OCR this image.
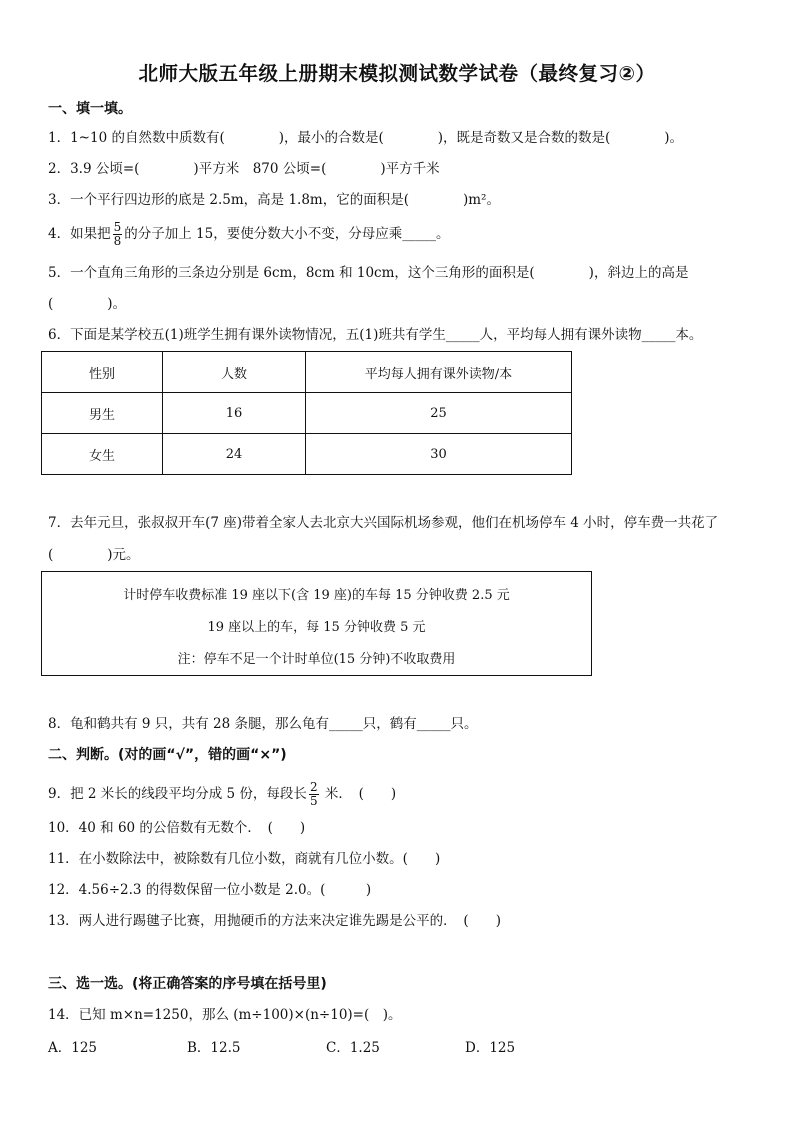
北师大版五年级上册期末模拟测试数学试卷（最终复习②）
一、填一填。
1．1~10 的自然数中质数有(　　　　)，最小的合数是(　　　　)，既是奇数又是合数的数是(　　　　)。
2．3.9 公顷=(　　　　)平方米　870 公顷=(　　　　)平方千米
3．一个平行四边形的底是 2.5m，高是 1.8m，它的面积是(　　　　)m²。
4．如果把 $\frac{5}{8}$ 的分子加上 15，要使分数大小不变，分母应乘_____。
5．一个直角三角形的三条边分别是 6cm，8cm 和 10cm，这个三角形的面积是(　　　　)，斜边上的高是
(　　　　)。
6．下面是某学校五(1)班学生拥有课外读物情况，五(1)班共有学生_____人，平均每人拥有课外读物_____本。
性别	人数	平均每人拥有课外读物/本
男生	16	25
女生	24	30
7．去年元旦，张叔叔开车(7 座)带着全家人去北京大兴国际机场参观，他们在机场停车 4 小时，停车费一共花了
(　　　　)元。
计时停车收费标准 19 座以下(含 19 座)的车每 15 分钟收费 2.5 元
19 座以上的车，每 15 分钟收费 5 元
注：停车不足一个计时单位(15 分钟)不收取费用
8．龟和鹤共有 9 只，共有 28 条腿，那么龟有_____只，鹤有_____只。
二、判断。(对的画“√”，错的画“×”)
9．把 2 米长的线段平均分成 5 份，每段长 $\frac{2}{5}$ 米．　(　　)
10．40 和 60 的公倍数有无数个．　(　　)
11．在小数除法中，被除数有几位小数，商就有几位小数。(　　)
12．4.56÷2.3 的得数保留一位小数是 2.0。(　　　)
13．两人进行踢毽子比赛，用抛硬币的方法来决定谁先踢是公平的．　(　　)
三、选一选。(将正确答案的序号填在括号里)
14．已知 m×n=1250，那么 (m÷100)×(n÷10)=(　)。
A．125	B．12.5	C．1.25	D．125
